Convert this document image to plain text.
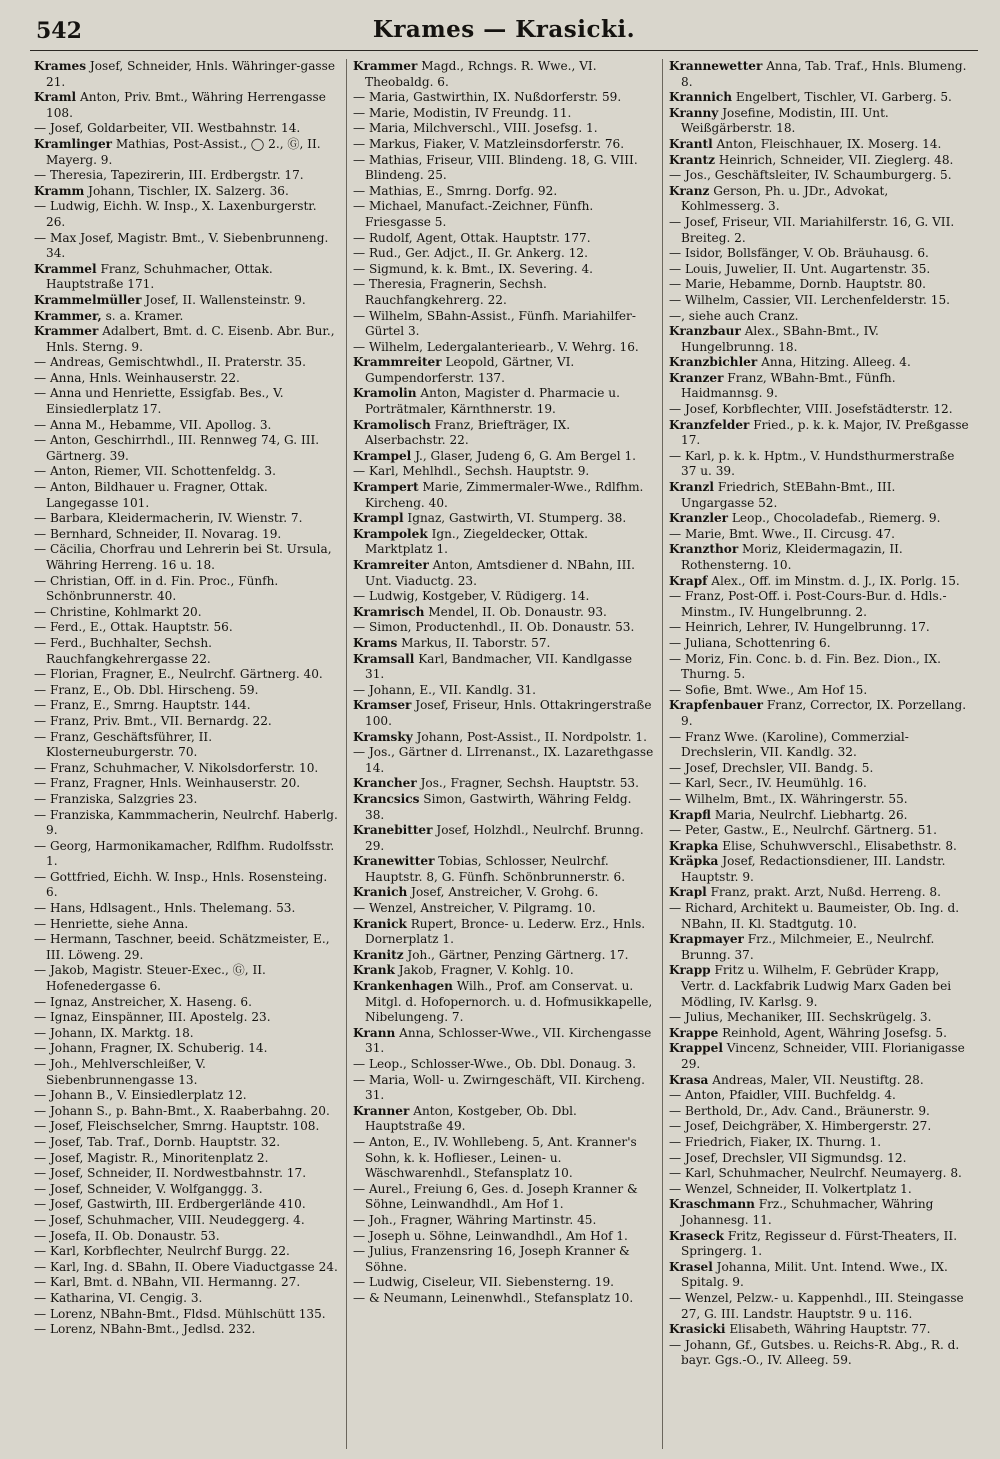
542	Krames — Krasicki.
Krames Josef, Schneider, Hnls. Währinger-gasse 21.
Kraml Anton, Priv. Bmt., Währing Herrengasse 108.
— Josef, Goldarbeiter, VII. Westbahnstr. 14.
Kramlinger Mathias, Post-Assist., ◯ 2., Ⓖ, II. Mayerg. 9.
— Theresia, Tapezirerin, III. Erdbergstr. 17.
Kramm Johann, Tischler, IX. Salzerg. 36.
— Ludwig, Eichh. W. Insp., X. Laxenburgerstr. 26.
— Max Josef, Magistr. Bmt., V. Siebenbrunneng. 34.
Krammel Franz, Schuhmacher, Ottak. Hauptstraße 171.
Krammelmüller Josef, II. Wallensteinstr. 9.
Krammer, s. a. Kramer.
Krammer Adalbert, Bmt. d. C. Eisenb. Abr. Bur., Hnls. Sterng. 9.
— Andreas, Gemischtwhdl., II. Praterstr. 35.
— Anna, Hnls. Weinhauserstr. 22.
— Anna und Henriette, Essigfab. Bes., V. Einsiedlerplatz 17.
— Anna M., Hebamme, VII. Apollog. 3.
— Anton, Geschirrhdl., III. Rennweg 74, G. III. Gärtnerg. 39.
— Anton, Riemer, VII. Schottenfeldg. 3.
— Anton, Bildhauer u. Fragner, Ottak. Langegasse 101.
— Barbara, Kleidermacherin, IV. Wienstr. 7.
— Bernhard, Schneider, II. Novarag. 19.
— Cäcilia, Chorfrau und Lehrerin bei St. Ursula, Währing Herreng. 16 u. 18.
— Christian, Off. in d. Fin. Proc., Fünfh. Schönbrunnerstr. 40.
— Christine, Kohlmarkt 20.
— Ferd., E., Ottak. Hauptstr. 56.
— Ferd., Buchhalter, Sechsh. Rauchfangkehrergasse 22.
— Florian, Fragner, E., Neulrchf. Gärtnerg. 40.
— Franz, E., Ob. Dbl. Hirscheng. 59.
— Franz, E., Smrng. Hauptstr. 144.
— Franz, Priv. Bmt., VII. Bernardg. 22.
— Franz, Geschäftsführer, II. Klosterneuburgerstr. 70.
— Franz, Schuhmacher, V. Nikolsdorferstr. 10.
— Franz, Fragner, Hnls. Weinhauserstr. 20.
— Franziska, Salzgries 23.
— Franziska, Kammmacherin, Neulrchf. Haberlg. 9.
— Georg, Harmonikamacher, Rdlfhm. Rudolfsstr. 1.
— Gottfried, Eichh. W. Insp., Hnls. Rosensteing. 6.
— Hans, Hdlsagent., Hnls. Thelemang. 53.
— Henriette, siehe Anna.
— Hermann, Taschner, beeid. Schätzmeister, E., III. Löweng. 29.
— Jakob, Magistr. Steuer-Exec., Ⓖ, II. Hofenedergasse 6.
— Ignaz, Anstreicher, X. Haseng. 6.
— Ignaz, Einspänner, III. Apostelg. 23.
— Johann, IX. Marktg. 18.
— Johann, Fragner, IX. Schuberig. 14.
— Joh., Mehlverschleißer, V. Siebenbrunnengasse 13.
— Johann B., V. Einsiedlerplatz 12.
— Johann S., p. Bahn-Bmt., X. Raaberbahng. 20.
— Josef, Fleischselcher, Smrng. Hauptstr. 108.
— Josef, Tab. Traf., Dornb. Hauptstr. 32.
— Josef, Magistr. R., Minoritenplatz 2.
— Josef, Schneider, II. Nordwestbahnstr. 17.
— Josef, Schneider, V. Wolfganggg. 3.
— Josef, Gastwirth, III. Erdbergerlände 410.
— Josef, Schuhmacher, VIII. Neudeggerg. 4.
— Josefa, II. Ob. Donaustr. 53.
— Karl, Korbflechter, Neulrchf Burgg. 22.
— Karl, Ing. d. SBahn, II. Obere Viaductgasse 24.
— Karl, Bmt. d. NBahn, VII. Hermanng. 27.
— Katharina, VI. Cengig. 3.
— Lorenz, NBahn-Bmt., Fldsd. Mühlschütt 135.
— Lorenz, NBahn-Bmt., Jedlsd. 232.
Krammer Magd., Rchngs. R. Wwe., VI. Theobaldg. 6.
— Maria, Gastwirthin, IX. Nußdorferstr. 59.
— Marie, Modistin, IV Freundg. 11.
— Maria, Milchverschl., VIII. Josefsg. 1.
— Markus, Fiaker, V. Matzleinsdorferstr. 76.
— Mathias, Friseur, VIII. Blindeng. 18, G. VIII. Blindeng. 25.
— Mathias, E., Smrng. Dorfg. 92.
— Michael, Manufact.-Zeichner, Fünfh. Friesgasse 5.
— Rudolf, Agent, Ottak. Hauptstr. 177.
— Rud., Ger. Adjct., II. Gr. Ankerg. 12.
— Sigmund, k. k. Bmt., IX. Severing. 4.
— Theresia, Fragnerin, Sechsh. Rauchfangkehrerg. 22.
— Wilhelm, SBahn-Assist., Fünfh. Mariahilfer-Gürtel 3.
— Wilhelm, Ledergalanteriearb., V. Wehrg. 16.
Krammreiter Leopold, Gärtner, VI. Gumpendorferstr. 137.
Kramolin Anton, Magister d. Pharmacie u. Porträtmaler, Kärnthnerstr. 19.
Kramolisch Franz, Briefträger, IX. Alserbachstr. 22.
Krampel J., Glaser, Judeng 6, G. Am Bergel 1.
— Karl, Mehlhdl., Sechsh. Hauptstr. 9.
Krampert Marie, Zimmermaler-Wwe., Rdlfhm. Kircheng. 40.
Krampl Ignaz, Gastwirth, VI. Stumperg. 38.
Krampolek Ign., Ziegeldecker, Ottak. Marktplatz 1.
Kramreiter Anton, Amtsdiener d. NBahn, III. Unt. Viaductg. 23.
— Ludwig, Kostgeber, V. Rüdigerg. 14.
Kramrisch Mendel, II. Ob. Donaustr. 93.
— Simon, Productenhdl., II. Ob. Donaustr. 53.
Krams Markus, II. Taborstr. 57.
Kramsall Karl, Bandmacher, VII. Kandlgasse 31.
— Johann, E., VII. Kandlg. 31.
Kramser Josef, Friseur, Hnls. Ottakringerstraße 100.
Kramsky Johann, Post-Assist., II. Nordpolstr. 1.
— Jos., Gärtner d. LIrrenanst., IX. Lazarethgasse 14.
Krancher Jos., Fragner, Sechsh. Hauptstr. 53.
Krancsics Simon, Gastwirth, Währing Feldg. 38.
Kranebitter Josef, Holzhdl., Neulrchf. Brunng. 29.
Kranewitter Tobias, Schlosser, Neulrchf. Hauptstr. 8, G. Fünfh. Schönbrunnerstr. 6.
Kranich Josef, Anstreicher, V. Grohg. 6.
— Wenzel, Anstreicher, V. Pilgramg. 10.
Kranick Rupert, Bronce- u. Lederw. Erz., Hnls. Dornerplatz 1.
Kranitz Joh., Gärtner, Penzing Gärtnerg. 17.
Krank Jakob, Fragner, V. Kohlg. 10.
Krankenhagen Wilh., Prof. am Conservat. u. Mitgl. d. Hofopernorch. u. d. Hofmusikkapelle, Nibelungeng. 7.
Krann Anna, Schlosser-Wwe., VII. Kirchengasse 31.
— Leop., Schlosser-Wwe., Ob. Dbl. Donaug. 3.
— Maria, Woll- u. Zwirngeschäft, VII. Kircheng. 31.
Kranner Anton, Kostgeber, Ob. Dbl. Hauptstraße 49.
— Anton, E., IV. Wohllebeng. 5, Ant. Kranner's Sohn, k. k. Hoflieser., Leinen- u. Wäschwarenhdl., Stefansplatz 10.
— Aurel., Freiung 6, Ges. d. Joseph Kranner & Söhne, Leinwandhdl., Am Hof 1.
— Joh., Fragner, Währing Martinstr. 45.
— Joseph u. Söhne, Leinwandhdl., Am Hof 1.
— Julius, Franzensring 16, Joseph Kranner & Söhne.
— Ludwig, Ciseleur, VII. Siebensterng. 19.
— & Neumann, Leinenwhdl., Stefansplatz 10.
Krannewetter Anna, Tab. Traf., Hnls. Blumeng. 8.
Krannich Engelbert, Tischler, VI. Garberg. 5.
Kranny Josefine, Modistin, III. Unt. Weißgärberstr. 18.
Krantl Anton, Fleischhauer, IX. Moserg. 14.
Krantz Heinrich, Schneider, VII. Zieglerg. 48.
— Jos., Geschäftsleiter, IV. Schaumburgerg. 5.
Kranz Gerson, Ph. u. JDr., Advokat, Kohlmesserg. 3.
— Josef, Friseur, VII. Mariahilferstr. 16, G. VII. Breiteg. 2.
— Isidor, Bollsfänger, V. Ob. Bräuhausg. 6.
— Louis, Juwelier, II. Unt. Augartenstr. 35.
— Marie, Hebamme, Dornb. Hauptstr. 80.
— Wilhelm, Cassier, VII. Lerchenfelderstr. 15.
—, siehe auch Cranz.
Kranzbaur Alex., SBahn-Bmt., IV. Hungelbrunng. 18.
Kranzbichler Anna, Hitzing. Alleeg. 4.
Kranzer Franz, WBahn-Bmt., Fünfh. Haidmannsg. 9.
— Josef, Korbflechter, VIII. Josefstädterstr. 12.
Kranzfelder Fried., p. k. k. Major, IV. Preßgasse 17.
— Karl, p. k. k. Hptm., V. Hundsthurmerstraße 37 u. 39.
Kranzl Friedrich, StEBahn-Bmt., III. Ungargasse 52.
Kranzler Leop., Chocoladefab., Riemerg. 9.
— Marie, Bmt. Wwe., II. Circusg. 47.
Kranzthor Moriz, Kleidermagazin, II. Rothensterng. 10.
Krapf Alex., Off. im Minstm. d. J., IX. Porlg. 15.
— Franz, Post-Off. i. Post-Cours-Bur. d. Hdls.-Minstm., IV. Hungelbrunng. 2.
— Heinrich, Lehrer, IV. Hungelbrunng. 17.
— Juliana, Schottenring 6.
— Moriz, Fin. Conc. b. d. Fin. Bez. Dion., IX. Thurng. 5.
— Sofie, Bmt. Wwe., Am Hof 15.
Krapfenbauer Franz, Corrector, IX. Porzellang. 9.
— Franz Wwe. (Karoline), Commerzial-Drechslerin, VII. Kandlg. 32.
— Josef, Drechsler, VII. Bandg. 5.
— Karl, Secr., IV. Heumühlg. 16.
— Wilhelm, Bmt., IX. Währingerstr. 55.
Krapfl Maria, Neulrchf. Liebhartg. 26.
— Peter, Gastw., E., Neulrchf. Gärtnerg. 51.
Krapka Elise, Schuhwverschl., Elisabethstr. 8.
Kräpka Josef, Redactionsdiener, III. Landstr. Hauptstr. 9.
Krapl Franz, prakt. Arzt, Nußd. Herreng. 8.
— Richard, Architekt u. Baumeister, Ob. Ing. d. NBahn, II. Kl. Stadtgutg. 10.
Krapmayer Frz., Milchmeier, E., Neulrchf. Brunng. 37.
Krapp Fritz u. Wilhelm, F. Gebrüder Krapp, Vertr. d. Lackfabrik Ludwig Marx Gaden bei Mödling, IV. Karlsg. 9.
— Julius, Mechaniker, III. Sechskrügelg. 3.
Krappe Reinhold, Agent, Währing Josefsg. 5.
Krappel Vincenz, Schneider, VIII. Florianigasse 29.
Krasa Andreas, Maler, VII. Neustiftg. 28.
— Anton, Pfaidler, VIII. Buchfeldg. 4.
— Berthold, Dr., Adv. Cand., Bräunerstr. 9.
— Josef, Deichgräber, X. Himbergerstr. 27.
— Friedrich, Fiaker, IX. Thurng. 1.
— Josef, Drechsler, VII Sigmundsg. 12.
— Karl, Schuhmacher, Neulrchf. Neumayerg. 8.
— Wenzel, Schneider, II. Volkertplatz 1.
Kraschmann Frz., Schuhmacher, Währing Johannesg. 11.
Kraseck Fritz, Regisseur d. Fürst-Theaters, II. Springerg. 1.
Krasel Johanna, Milit. Unt. Intend. Wwe., IX. Spitalg. 9.
— Wenzel, Pelzw.- u. Kappenhdl., III. Steingasse 27, G. III. Landstr. Hauptstr. 9 u. 116.
Krasicki Elisabeth, Währing Hauptstr. 77.
— Johann, Gf., Gutsbes. u. Reichs-R. Abg., R. d. bayr. Ggs.-O., IV. Alleeg. 59.
